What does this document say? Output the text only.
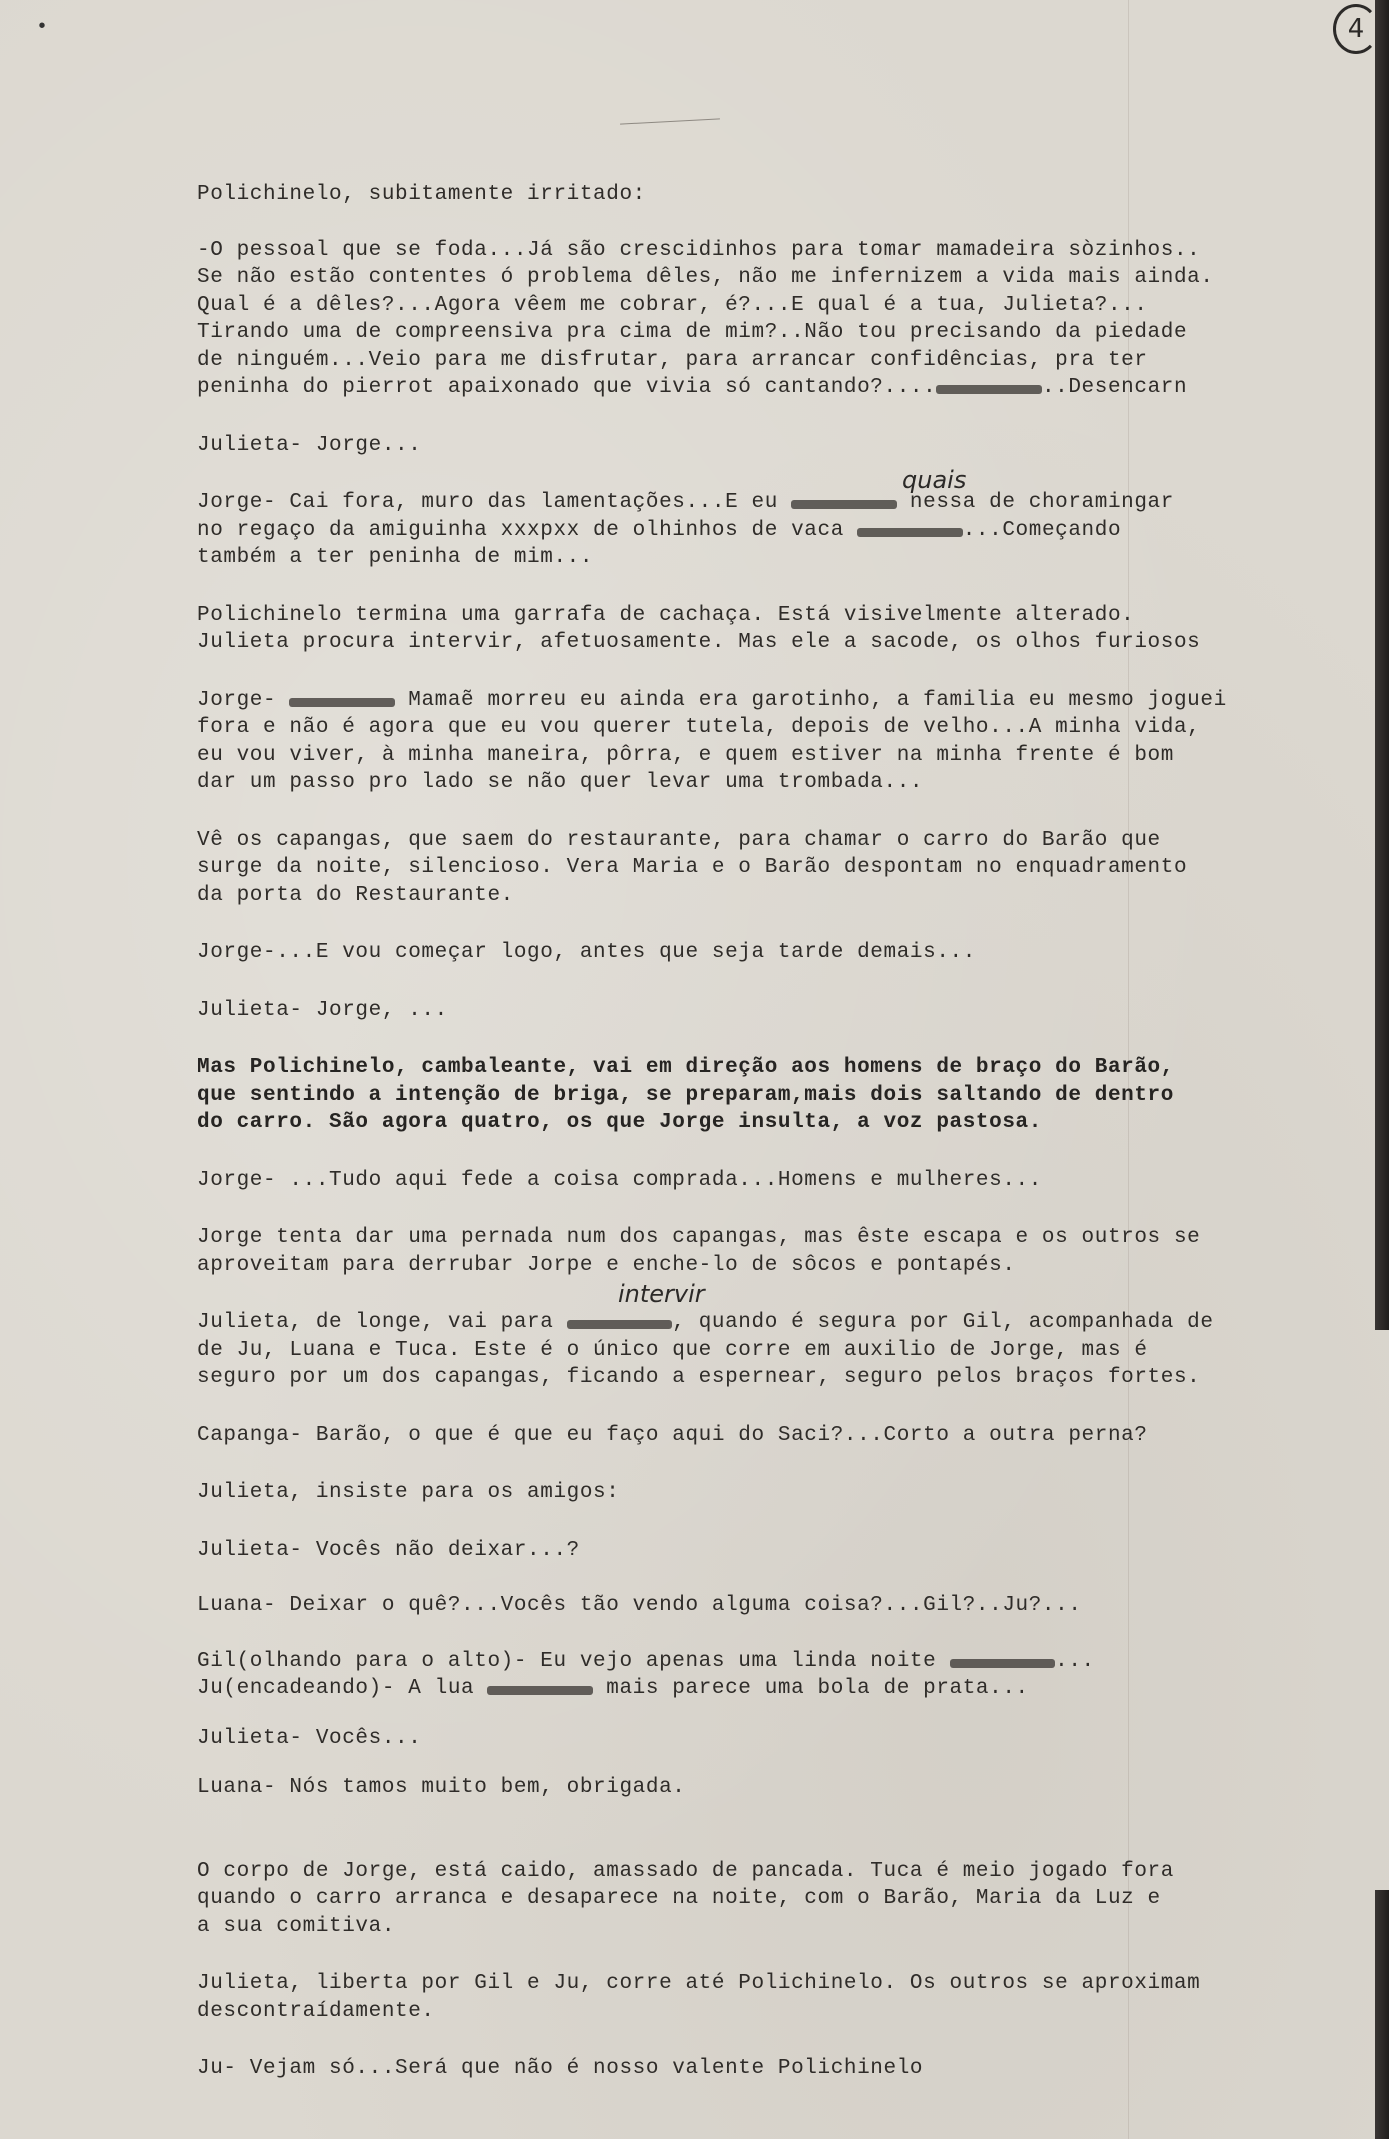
•	4
quais
intervir
Polichinelo, subitamente irritado:
-O pessoal que se foda...Já são crescidinhos para tomar mamadeira sòzinhos..
Se não estão contentes ó problema dêles, não me infernizem a vida mais ainda.
Qual é a dêles?...Agora vêem me cobrar, é?...E qual é a tua, Julieta?...
Tirando uma de compreensiva pra cima de mim?..Não tou precisando da piedade
de ninguém...Veio para me disfrutar, para arrancar confidências, pra ter
peninha do pierrot apaixonado que vivia só cantando?....	..Desencarn
Julieta- Jorge...
Jorge- Cai fora, muro das lamentações...E eu	nessa de choramingar
no regaço da amiguinha xxxpxx de olhinhos de vaca	...Começando
também a ter peninha de mim...
Polichinelo termina uma garrafa de cachaça. Está visivelmente alterado.
Julieta procura intervir, afetuosamente. Mas ele a sacode, os olhos furiosos
Jorge-	Mamaẽ morreu eu ainda era garotinho, a familia eu mesmo joguei
fora e não é agora que eu vou querer tutela, depois de velho...A minha vida,
eu vou viver, à minha maneira, pôrra, e quem estiver na minha frente é bom
dar um passo pro lado se não quer levar uma trombada...
Vê os capangas, que saem do restaurante, para chamar o carro do Barão que
surge da noite, silencioso. Vera Maria e o Barão despontam no enquadramento
da porta do Restaurante.
Jorge-...E vou começar logo, antes que seja tarde demais...
Julieta- Jorge, ...
Mas Polichinelo, cambaleante, vai em direção aos homens de braço do Barão,
que sentindo a intenção de briga, se preparam,mais dois saltando de dentro
do carro. São agora quatro, os que Jorge insulta, a voz pastosa.
Jorge- ...Tudo aqui fede a coisa comprada...Homens e mulheres...
Jorge tenta dar uma pernada num dos capangas, mas êste escapa e os outros se
aproveitam para derrubar Jorpe e enche-lo de sôcos e pontapés.
Julieta, de longe, vai para	, quando é segura por Gil, acompanhada de
de Ju, Luana e Tuca. Este é o único que corre em auxilio de Jorge, mas é
seguro por um dos capangas, ficando a espernear, seguro pelos braços fortes.
Capanga- Barão, o que é que eu faço aqui do Saci?...Corto a outra perna?
Julieta, insiste para os amigos:
Julieta- Vocês não deixar...?
Luana- Deixar o quê?...Vocês tão vendo alguma coisa?...Gil?..Ju?...
Gil(olhando para o alto)- Eu vejo apenas uma linda noite	...
Ju(encadeando)- A lua	mais parece uma bola de prata...
Julieta- Vocês...
Luana- Nós tamos muito bem, obrigada.
O corpo de Jorge, está caido, amassado de pancada. Tuca é meio jogado fora
quando o carro arranca e desaparece na noite, com o Barão, Maria da Luz e
a sua comitiva.
Julieta, liberta por Gil e Ju, corre até Polichinelo. Os outros se aproximam
descontraídamente.
Ju- Vejam só...Será que não é nosso valente Polichinelo
